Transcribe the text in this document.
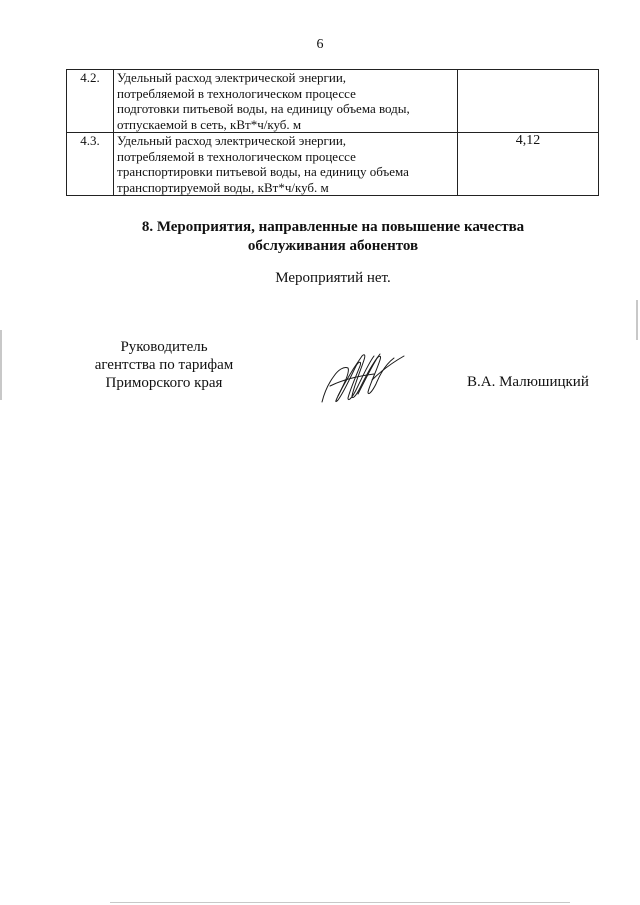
6
4.2.	Удельный расход электрической энергии,
потребляемой в технологическом процессе
подготовки питьевой воды, на единицу объема воды,
отпускаемой в сеть, кВт*ч/куб. м	

4.3.	Удельный расход электрической энергии,
потребляемой в технологическом процессе
транспортировки питьевой воды, на единицу объема
транспортируемой воды, кВт*ч/куб. м	4,12
8. Мероприятия, направленные на повышение качества
обслуживания абонентов
Мероприятий нет.
Руководитель
агентства по тарифам
Приморского края	В.А. Малюшицкий
